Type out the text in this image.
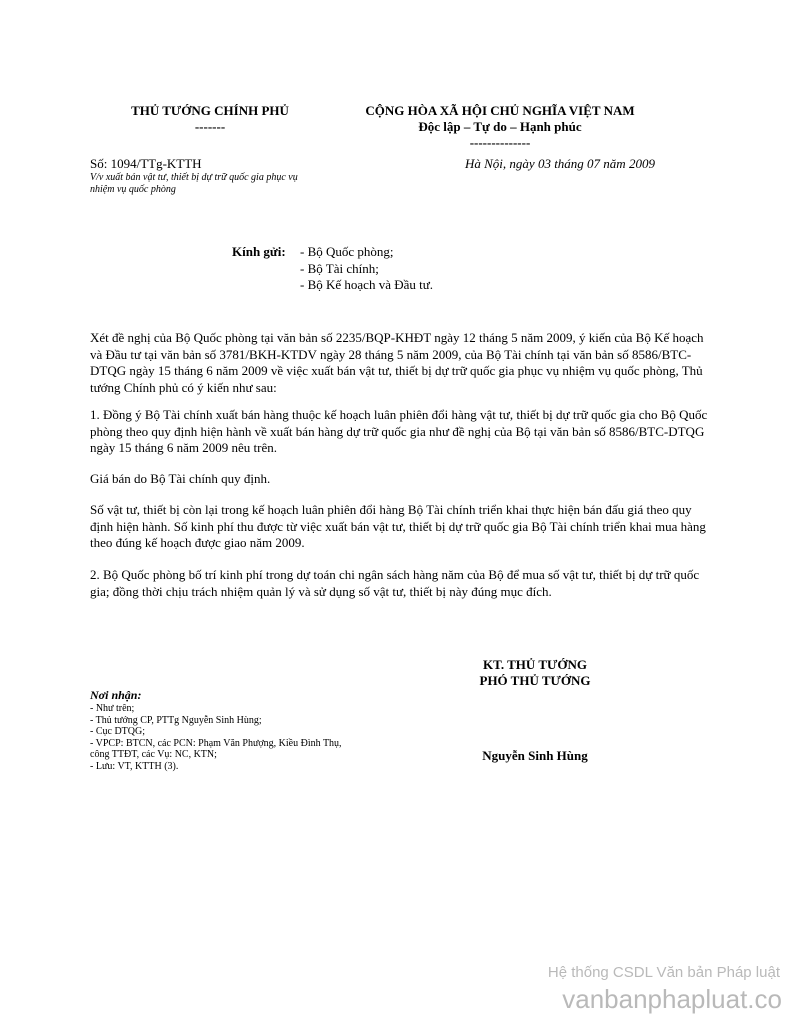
THỦ TƯỚNG CHÍNH PHỦ
-------
CỘNG HÒA XÃ HỘI CHỦ NGHĨA VIỆT NAM
Độc lập – Tự do – Hạnh phúc
--------------
Số: 1094/TTg-KTTH
V/v xuất bán vật tư, thiết bị dự trữ quốc gia phục vụ
nhiệm vụ quốc phòng
Hà Nội, ngày 03 tháng 07 năm 2009
Kính gửi: - Bộ Quốc phòng;
- Bộ Tài chính;
- Bộ Kế hoạch và Đầu tư.

Xét đề nghị của Bộ Quốc phòng tại văn bản số 2235/BQP-KHĐT ngày 12 tháng 5 năm 2009, ý kiến của Bộ Kế hoạch và Đầu tư tại văn bản số 3781/BKH-KTDV ngày 28 tháng 5 năm 2009, của Bộ Tài chính tại văn bản số 8586/BTC-DTQG ngày 15 tháng 6 năm 2009 về việc xuất bán vật tư, thiết bị dự trữ quốc gia phục vụ nhiệm vụ quốc phòng, Thủ tướng Chính phủ có ý kiến như sau:

1. Đồng ý Bộ Tài chính xuất bán hàng thuộc kế hoạch luân phiên đổi hàng vật tư, thiết bị dự trữ quốc gia cho Bộ Quốc phòng theo quy định hiện hành về xuất bán hàng dự trữ quốc gia như đề nghị của Bộ tại văn bản số 8586/BTC-DTQG ngày 15 tháng 6 năm 2009 nêu trên.

Giá bán do Bộ Tài chính quy định.

Số vật tư, thiết bị còn lại trong kế hoạch luân phiên đổi hàng Bộ Tài chính triển khai thực hiện bán đấu giá theo quy định hiện hành. Số kinh phí thu được từ việc xuất bán vật tư, thiết bị dự trữ quốc gia Bộ Tài chính triển khai mua hàng theo đúng kế hoạch được giao năm 2009.

2. Bộ Quốc phòng bố trí kinh phí trong dự toán chi ngân sách hàng năm của Bộ để mua số vật tư, thiết bị dự trữ quốc gia; đồng thời chịu trách nhiệm quản lý và sử dụng số vật tư, thiết bị này đúng mục đích.

KT. THỦ TƯỚNG
PHÓ THỦ TƯỚNG
Nguyễn Sinh Hùng
Nơi nhận:
- Như trên;
- Thủ tướng CP, PTTg Nguyễn Sinh Hùng;
- Cục DTQG;
- VPCP: BTCN, các PCN: Phạm Văn Phượng, Kiều Đình Thụ,
công TTĐT, các Vụ: NC, KTN;
- Lưu: VT, KTTH (3).
Hệ thống CSDL Văn bản Pháp luật
vanbanphapluat.co
